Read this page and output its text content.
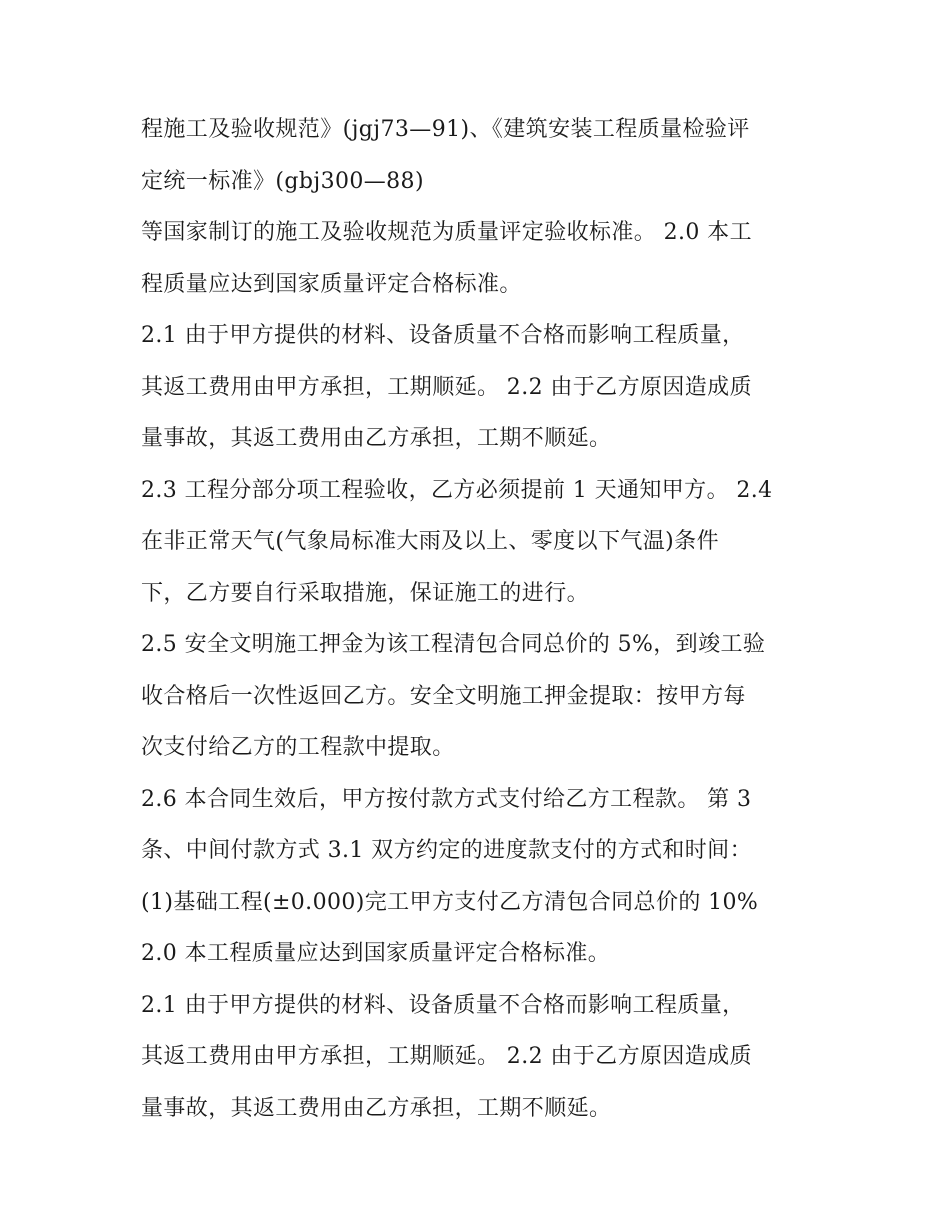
程施工及验收规范》(jgj73—91)、《建筑安装工程质量检验评
定统一标准》(gbj300—88)
等国家制订的施工及验收规范为质量评定验收标准。 2.0 本工
程质量应达到国家质量评定合格标准。
2.1 由于甲方提供的材料、设备质量不合格而影响工程质量，
其返工费用由甲方承担，工期顺延。 2.2 由于乙方原因造成质
量事故，其返工费用由乙方承担，工期不顺延。
2.3 工程分部分项工程验收，乙方必须提前 1 天通知甲方。 2.4
在非正常天气(气象局标准大雨及以上、零度以下气温)条件
下，乙方要自行采取措施，保证施工的进行。
2.5 安全文明施工押金为该工程清包合同总价的 5%，到竣工验
收合格后一次性返回乙方。安全文明施工押金提取：按甲方每
次支付给乙方的工程款中提取。
2.6 本合同生效后，甲方按付款方式支付给乙方工程款。 第 3
条、中间付款方式 3.1 双方约定的进度款支付的方式和时间：
(1)基础工程(±0.000)完工甲方支付乙方清包合同总价的 10%
2.0 本工程质量应达到国家质量评定合格标准。
2.1 由于甲方提供的材料、设备质量不合格而影响工程质量，
其返工费用由甲方承担，工期顺延。 2.2 由于乙方原因造成质
量事故，其返工费用由乙方承担，工期不顺延。
